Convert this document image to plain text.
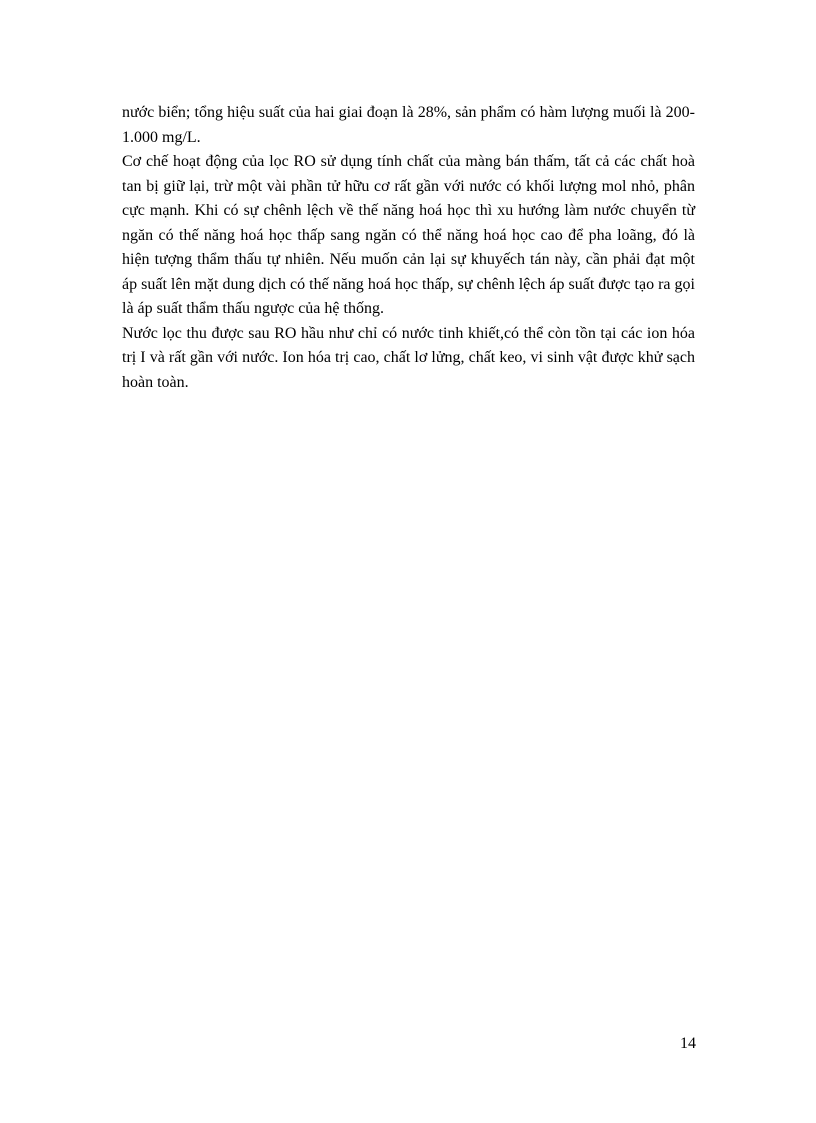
nước biển; tổng hiệu suất của hai giai đoạn là 28%, sản phẩm có hàm lượng muối là 200-1.000 mg/L.

Cơ chế hoạt động của lọc RO sử dụng tính chất của màng bán thấm, tất cả các chất hoà tan bị giữ lại, trừ một vài phần tử hữu cơ rất gần với nước có khối lượng mol nhỏ, phân cực mạnh. Khi có sự chênh lệch về thế năng hoá học thì xu hướng làm nước chuyển từ ngăn có thế năng hoá học thấp sang ngăn có thể năng hoá học cao để pha loãng, đó là hiện tượng thẩm thấu tự nhiên. Nếu muốn cản lại sự khuyếch tán này, cần phải đạt một áp suất lên mặt dung dịch có thế năng hoá học thấp, sự chênh lệch áp suất được tạo ra gọi là áp suất thẩm thấu ngược của hệ thống.

Nước lọc thu được sau RO hầu như chỉ có nước tinh khiết,có thể còn tồn tại các ion hóa trị I và rất gần với nước. Ion hóa trị cao, chất lơ lửng, chất keo, vi sinh vật được khử sạch hoàn toàn.

14
